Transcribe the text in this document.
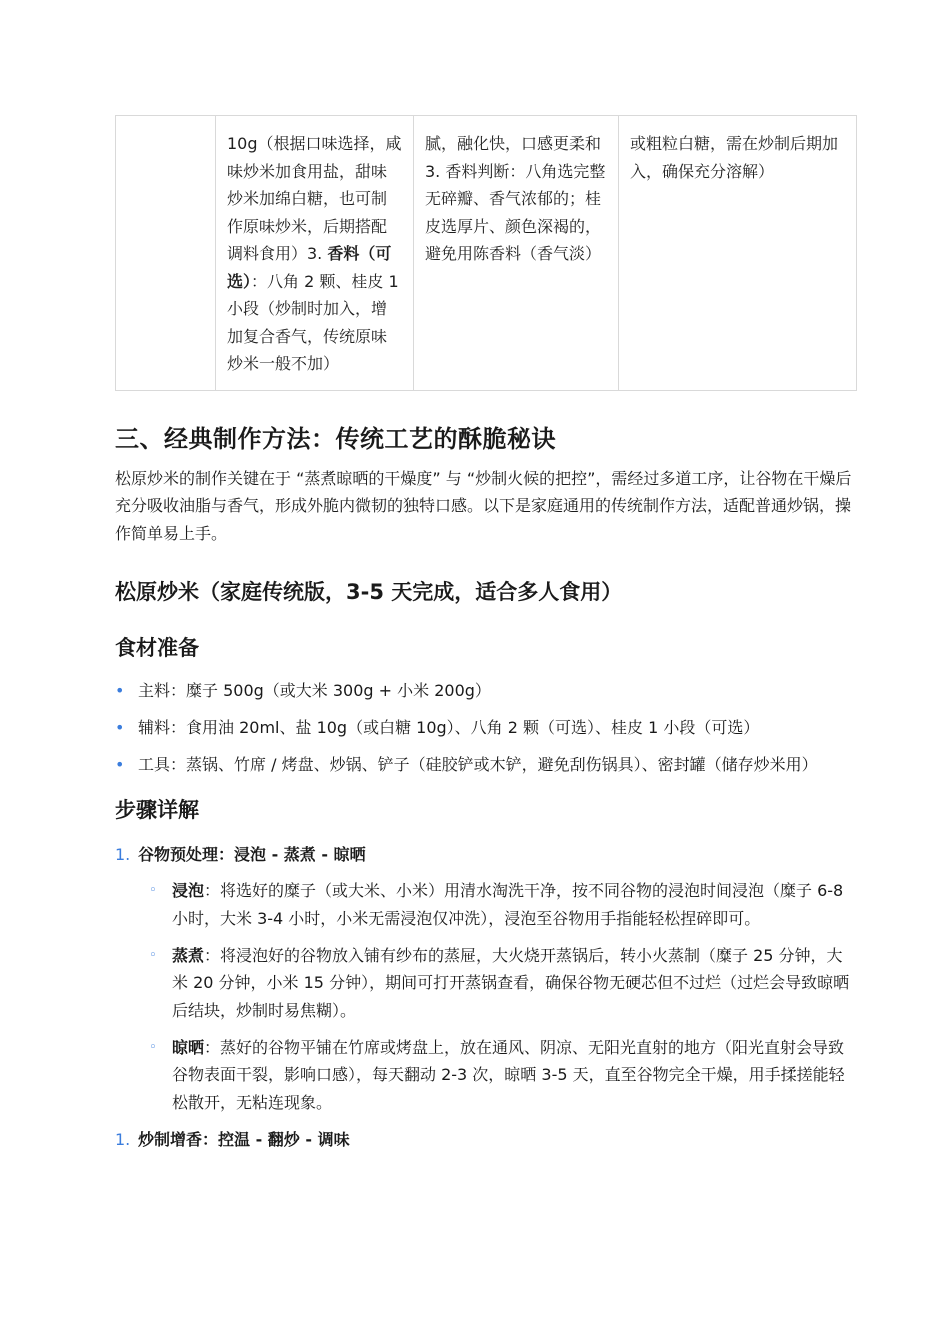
	10g（根据口味选择，咸味炒米加食用盐，甜味炒米加绵白糖，也可制作原味炒米，后期搭配调料食用）3. 香料（可选）：八角 2 颗、桂皮 1 小段（炒制时加入，增加复合香气，传统原味炒米一般不加）	腻，融化快，口感更柔和 3. 香料判断：八角选完整无碎瓣、香气浓郁的；桂皮选厚片、颜色深褐的，避免用陈香料（香气淡）	或粗粒白糖，需在炒制后期加入，确保充分溶解）
三、经典制作方法：传统工艺的酥脆秘诀

松原炒米的制作关键在于 “蒸煮晾晒的干燥度” 与 “炒制火候的把控”，需经过多道工序，让谷物在干燥后充分吸收油脂与香气，形成外脆内微韧的独特口感。以下是家庭通用的传统制作方法，适配普通炒锅，操作简单易上手。

松原炒米（家庭传统版，3-5 天完成，适合多人食用）
食材准备
• 主料：糜子 500g（或大米 300g + 小米 200g）
• 辅料：食用油 20ml、盐 10g（或白糖 10g）、八角 2 颗（可选）、桂皮 1 小段（可选）
• 工具：蒸锅、竹席 / 烤盘、炒锅、铲子（硅胶铲或木铲，避免刮伤锅具）、密封罐（储存炒米用）
步骤详解
1. 谷物预处理：浸泡 - 蒸煮 - 晾晒
◦ 浸泡：将选好的糜子（或大米、小米）用清水淘洗干净，按不同谷物的浸泡时间浸泡（糜子 6-8 小时，大米 3-4 小时，小米无需浸泡仅冲洗），浸泡至谷物用手指能轻松捏碎即可。
◦ 蒸煮：将浸泡好的谷物放入铺有纱布的蒸屉，大火烧开蒸锅后，转小火蒸制（糜子 25 分钟，大米 20 分钟，小米 15 分钟），期间可打开蒸锅查看，确保谷物无硬芯但不过烂（过烂会导致晾晒后结块，炒制时易焦糊）。
◦ 晾晒：蒸好的谷物平铺在竹席或烤盘上，放在通风、阴凉、无阳光直射的地方（阳光直射会导致谷物表面干裂，影响口感），每天翻动 2-3 次，晾晒 3-5 天，直至谷物完全干燥，用手揉搓能轻松散开，无粘连现象。
1. 炒制增香：控温 - 翻炒 - 调味
